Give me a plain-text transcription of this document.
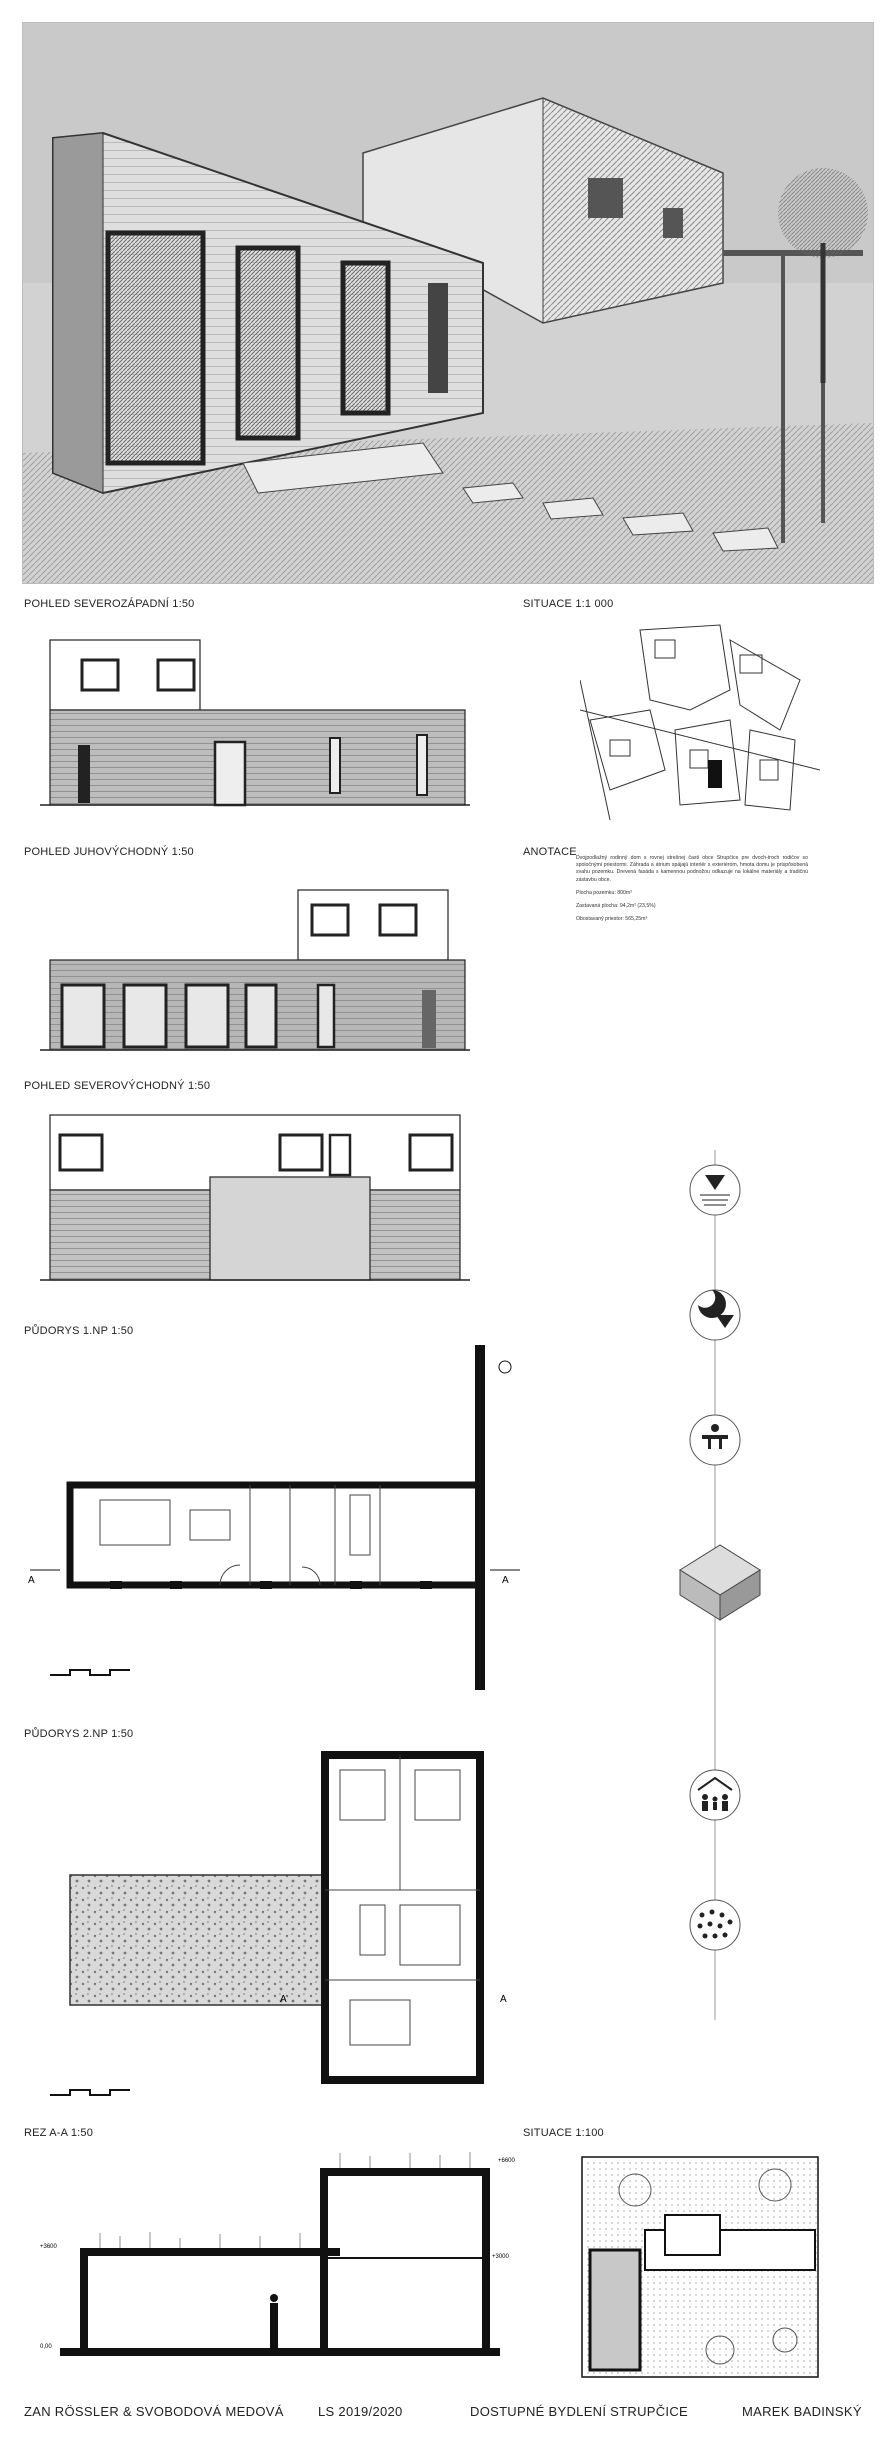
POHLED SEVEROZÁPADNÍ 1:50	SITUACE 1:1 000
POHLED JUHOVÝCHODNÝ 1:50	ANOTACE
POHLED SEVEROVÝCHODNÝ 1:50
PŮDORYS 1.NP 1:50
PŮDORYS 2.NP 1:50
REZ A-A 1:50	SITUACE 1:100

Dvojpodlažný rodinný dom s rovnej strešnej časti obce Strupčice pre dvoch-troch rodičov so spoločnými priestormi. Záhrada a átrium spájajú interiér s exteriérom, hmota domu je prispôsobená svahu pozemku. Drevená fasáda s kamennou podnožou odkazuje na lokálne materiály a tradičnú zástavbu obce.

Plocha pozemku: 800m²

Zastavaná plocha: 94,2m² (23,5%)

Obostavaný priestor: 565,25m³

A	A
A	A
+6600
+3600
+3000
0,00
ZAN RÖSSLER & SVOBODOVÁ MEDOVÁ	LS 2019/2020	DOSTUPNÉ BYDLENÍ STRUPČICE	MAREK BADINSKÝ
